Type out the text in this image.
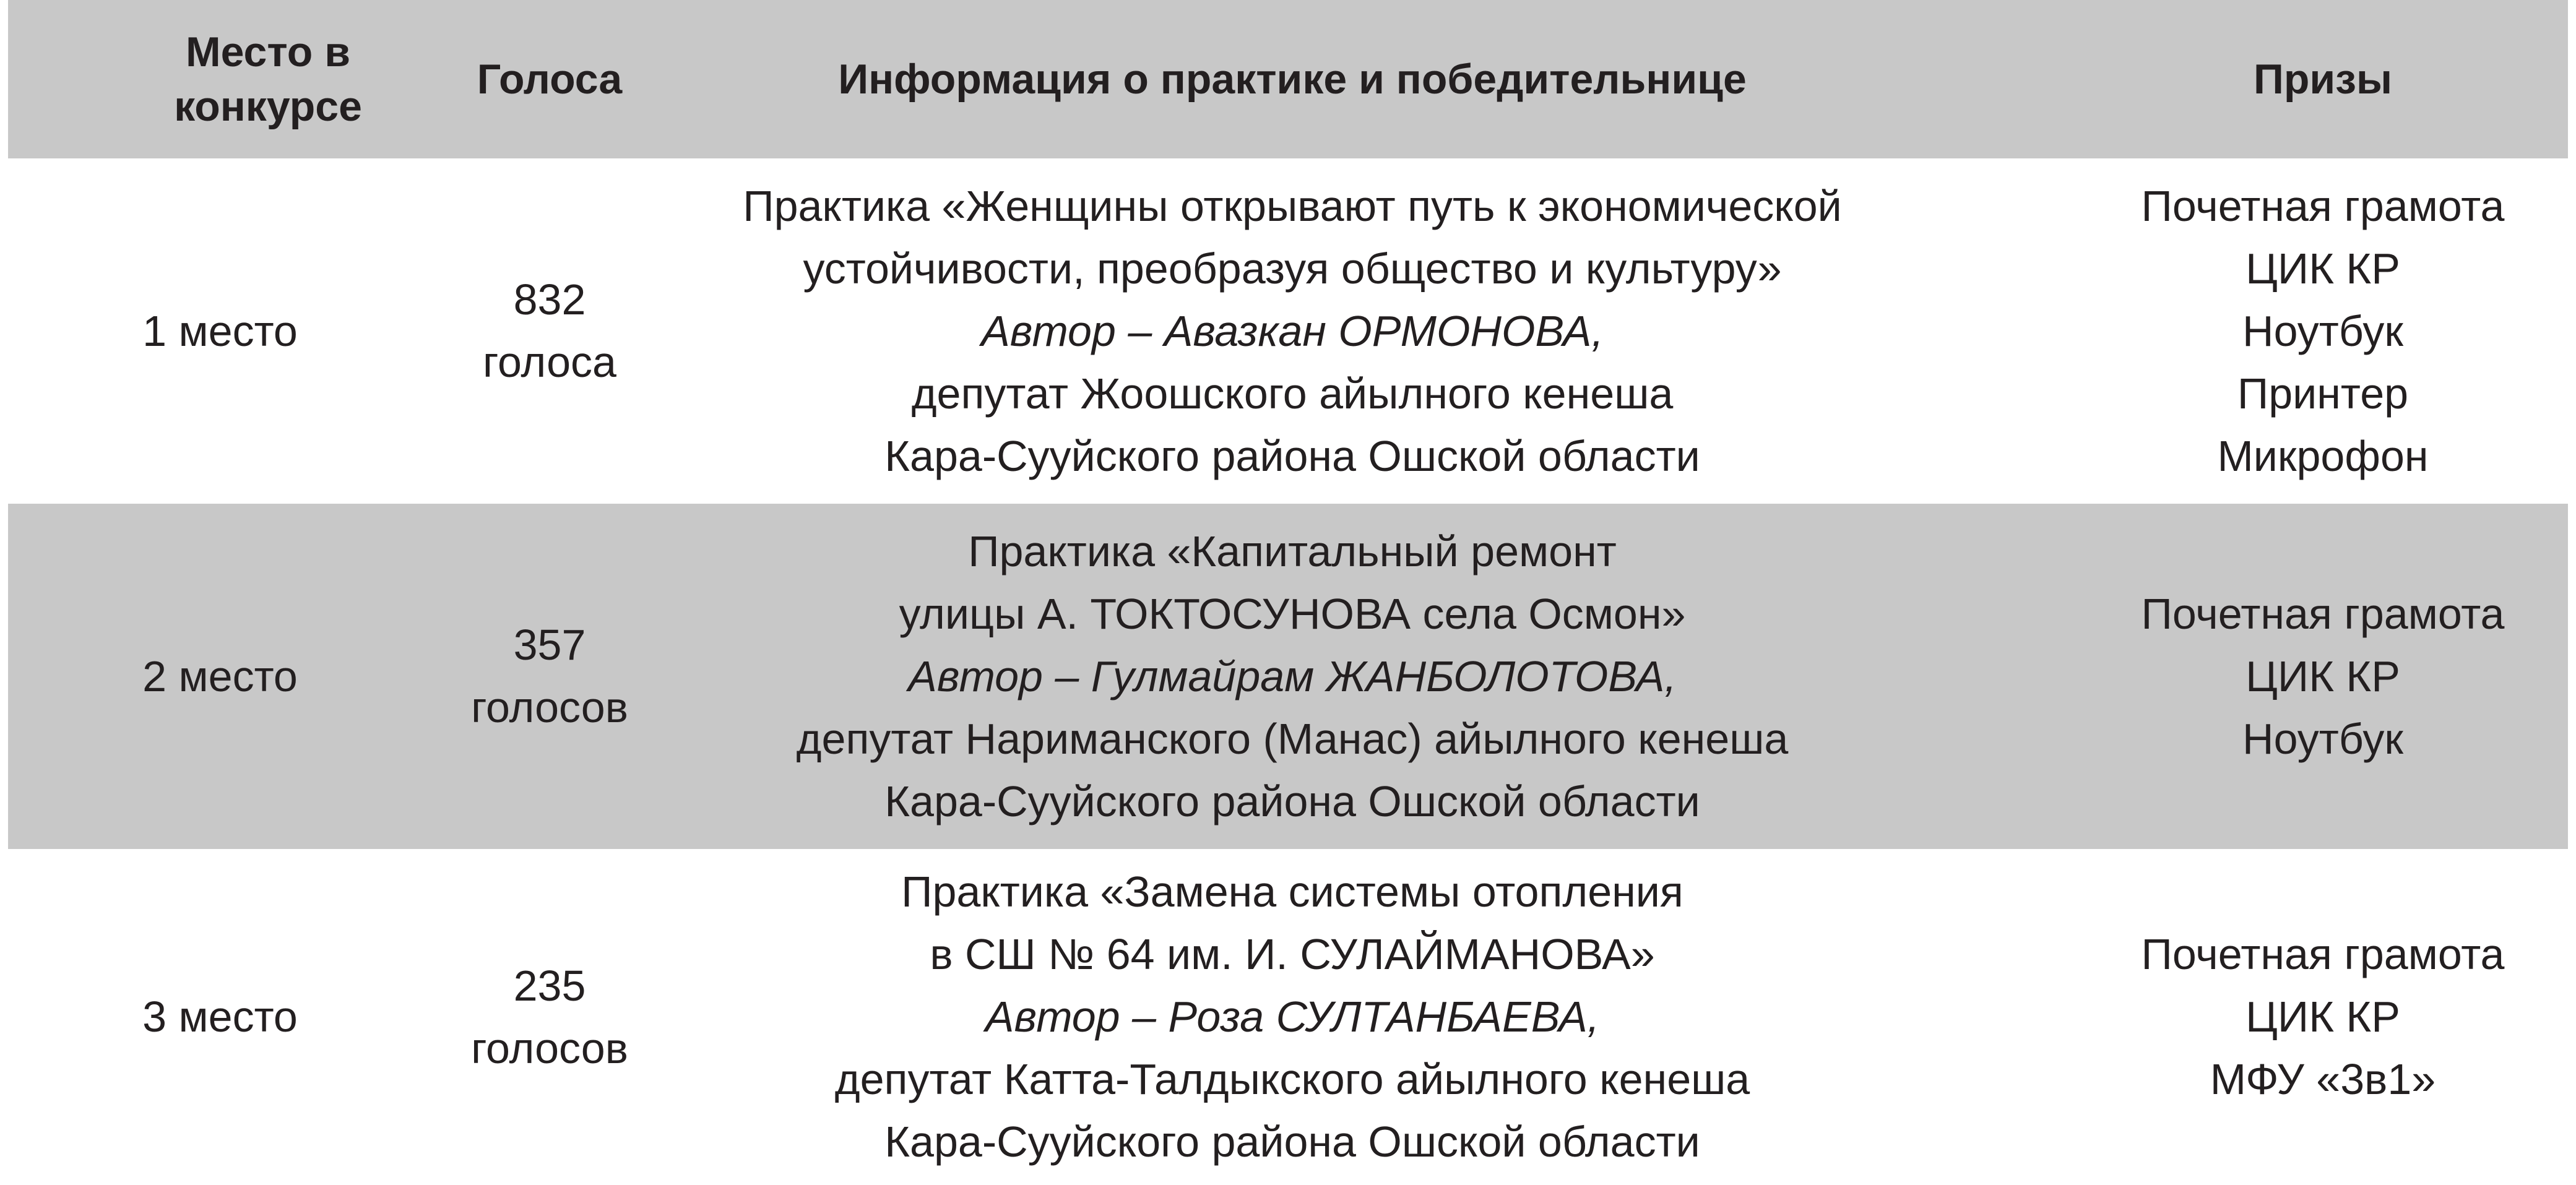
Место в
конкурсе
Голоса	Информация о практике и победительнице	Призы
1 место
832
голоса
Практика «Женщины открывают путь к экономической
устойчивости, преобразуя общество и культуру»
Автор – Авазкан ОРМОНОВА,
депутат Жоошского айылного кенеша
Кара-Сууйского района Ошской области
Почетная грамота
ЦИК КР
Ноутбук
Принтер
Микрофон
2 место
357
голосов
Практика «Капитальный ремонт
улицы А. ТОКТОСУНОВА села Осмон»
Автор – Гулмайрам ЖАНБОЛОТОВА,
депутат Нариманского (Манас) айылного кенеша
Кара-Сууйского района Ошской области
Почетная грамота
ЦИК КР
Ноутбук
3 место
235
голосов
Практика «Замена системы отопления
в СШ № 64 им. И. СУЛАЙМАНОВА»
Автор – Роза СУЛТАНБАЕВА,
депутат Катта-Талдыкского айылного кенеша
Кара-Сууйского района Ошской области
Почетная грамота
ЦИК КР
МФУ «3в1»
